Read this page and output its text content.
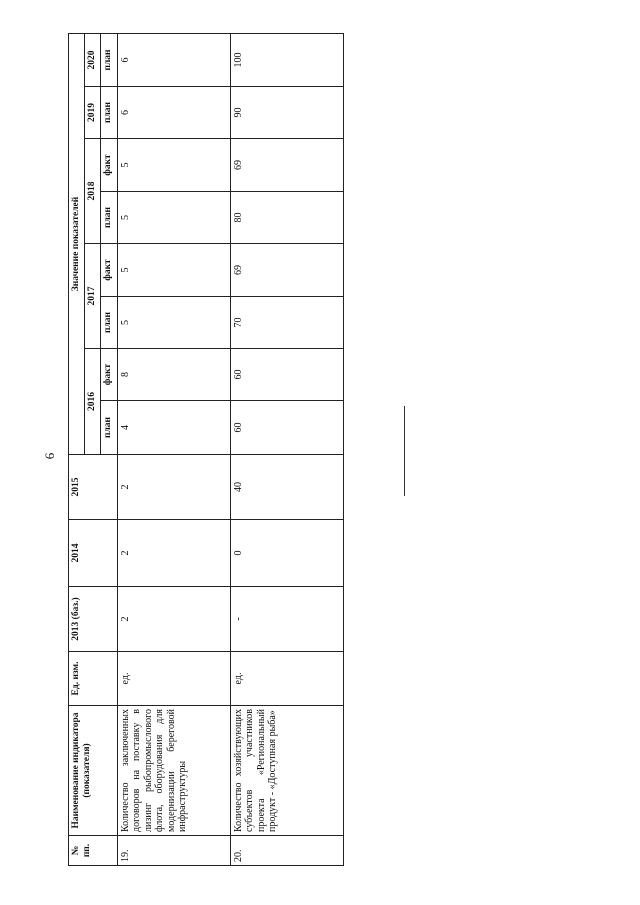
6
№ пп.	Наименование индикатора (показателя)	Ед. изм.	2013 (баз.)	2014	2015	Значение показателей							
						2016		2017		2018		2019	2020
						план	факт	план	факт	план	факт	план	план
19.	Количество заключенных договоров на поставку в лизинг рыбопромыслового флота, оборудования для модернизации береговой инфраструктуры	ед.	2	2	2	4	8	5	5	5	5	6	6
20.	Количество хозяйствующих субъектов участников проекта «Региональный продукт - «Доступная рыба»	ед.	-	0	40	60	60	70	69	80	69	90	100
